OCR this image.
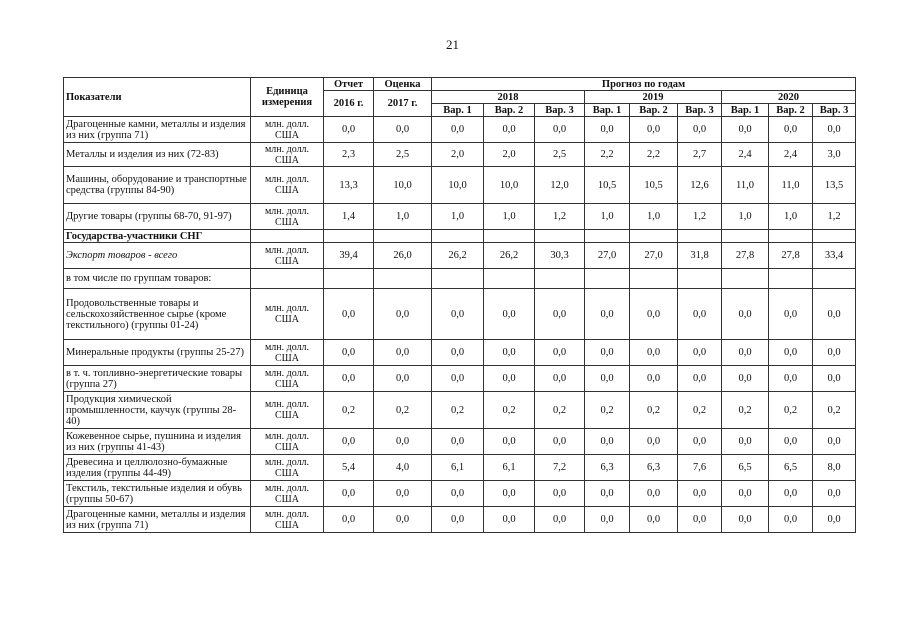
21
Показатели	Единица измерения	Отчет	Оценка	Прогноз по годам								
		2016 г.	2017 г.	2018			2019			2020		
				Вар. 1	Вар. 2	Вар. 3	Вар. 1	Вар. 2	Вар. 3	Вар. 1	Вар. 2	Вар. 3
Драгоценные камни, металлы и изделия из них (группа 71)	млн. долл. США	0,0	0,0	0,0	0,0	0,0	0,0	0,0	0,0	0,0	0,0	0,0
Металлы и изделия из них (72-83)	млн. долл. США	2,3	2,5	2,0	2,0	2,5	2,2	2,2	2,7	2,4	2,4	3,0
Машины, оборудование и транспортные средства (группы 84-90)	млн. долл. США	13,3	10,0	10,0	10,0	12,0	10,5	10,5	12,6	11,0	11,0	13,5
Другие товары (группы 68-70, 91-97)	млн. долл. США	1,4	1,0	1,0	1,0	1,2	1,0	1,0	1,2	1,0	1,0	1,2
Государства-участники СНГ												
Экспорт товаров - всего	млн. долл. США	39,4	26,0	26,2	26,2	30,3	27,0	27,0	31,8	27,8	27,8	33,4
в том числе по группам товаров:												
Продовольственные товары и сельскохозяйственное сырье (кроме текстильного) (группы 01-24)	млн. долл. США	0,0	0,0	0,0	0,0	0,0	0,0	0,0	0,0	0,0	0,0	0,0
Минеральные продукты (группы 25-27)	млн. долл. США	0,0	0,0	0,0	0,0	0,0	0,0	0,0	0,0	0,0	0,0	0,0
в т. ч. топливно-энергетические товары (группа 27)	млн. долл. США	0,0	0,0	0,0	0,0	0,0	0,0	0,0	0,0	0,0	0,0	0,0
Продукция химической промышленности, каучук (группы 28-40)	млн. долл. США	0,2	0,2	0,2	0,2	0,2	0,2	0,2	0,2	0,2	0,2	0,2
Кожевенное сырье, пушнина и изделия из них (группы 41-43)	млн. долл. США	0,0	0,0	0,0	0,0	0,0	0,0	0,0	0,0	0,0	0,0	0,0
Древесина и целлюлозно-бумажные изделия (группы 44-49)	млн. долл. США	5,4	4,0	6,1	6,1	7,2	6,3	6,3	7,6	6,5	6,5	8,0
Текстиль, текстильные изделия и обувь (группы 50-67)	млн. долл. США	0,0	0,0	0,0	0,0	0,0	0,0	0,0	0,0	0,0	0,0	0,0
Драгоценные камни, металлы и изделия из них (группа 71)	млн. долл. США	0,0	0,0	0,0	0,0	0,0	0,0	0,0	0,0	0,0	0,0	0,0
